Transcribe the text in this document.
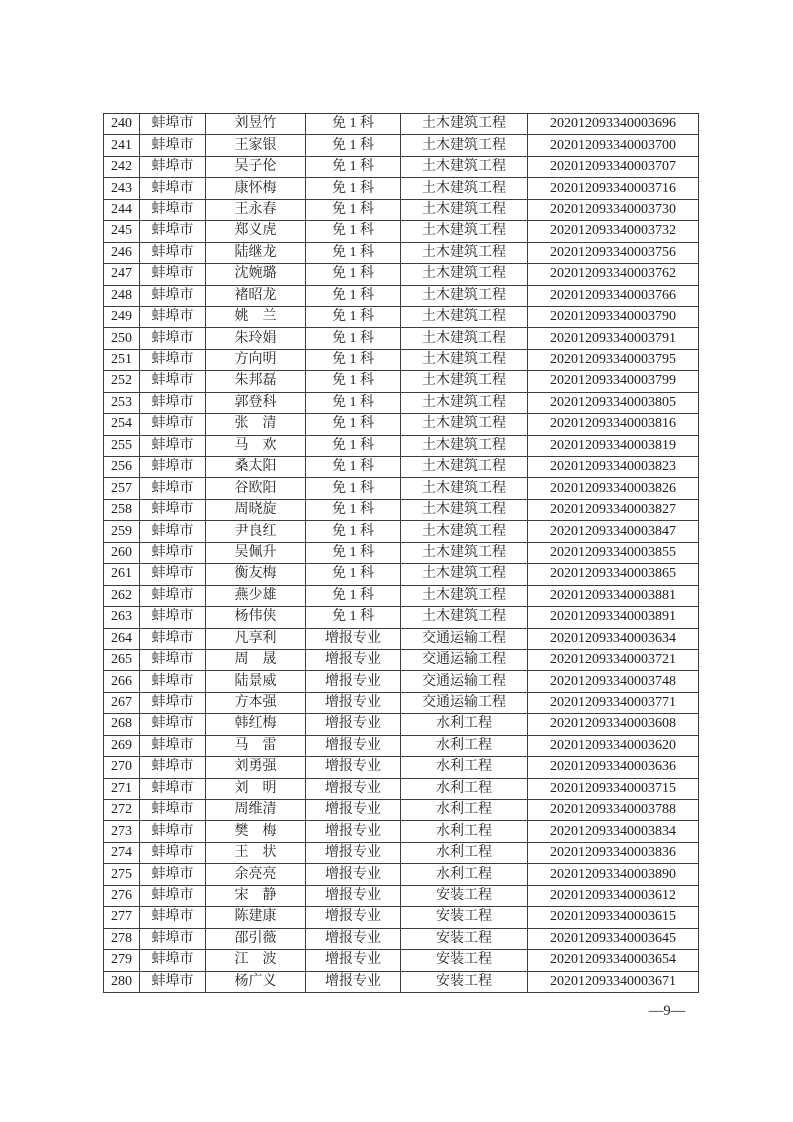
240	蚌埠市	刘昱竹	免 1 科	土木建筑工程	202012093340003696
241	蚌埠市	王家银	免 1 科	土木建筑工程	202012093340003700
242	蚌埠市	吴子伦	免 1 科	土木建筑工程	202012093340003707
243	蚌埠市	康怀梅	免 1 科	土木建筑工程	202012093340003716
244	蚌埠市	王永春	免 1 科	土木建筑工程	202012093340003730
245	蚌埠市	郑义虎	免 1 科	土木建筑工程	202012093340003732
246	蚌埠市	陆继龙	免 1 科	土木建筑工程	202012093340003756
247	蚌埠市	沈婉璐	免 1 科	土木建筑工程	202012093340003762
248	蚌埠市	褚昭龙	免 1 科	土木建筑工程	202012093340003766
249	蚌埠市	姚　兰	免 1 科	土木建筑工程	202012093340003790
250	蚌埠市	朱玲娟	免 1 科	土木建筑工程	202012093340003791
251	蚌埠市	方向明	免 1 科	土木建筑工程	202012093340003795
252	蚌埠市	朱邦磊	免 1 科	土木建筑工程	202012093340003799
253	蚌埠市	郭登科	免 1 科	土木建筑工程	202012093340003805
254	蚌埠市	张　清	免 1 科	土木建筑工程	202012093340003816
255	蚌埠市	马　欢	免 1 科	土木建筑工程	202012093340003819
256	蚌埠市	桑太阳	免 1 科	土木建筑工程	202012093340003823
257	蚌埠市	谷欧阳	免 1 科	土木建筑工程	202012093340003826
258	蚌埠市	周晓旋	免 1 科	土木建筑工程	202012093340003827
259	蚌埠市	尹良红	免 1 科	土木建筑工程	202012093340003847
260	蚌埠市	吴佩升	免 1 科	土木建筑工程	202012093340003855
261	蚌埠市	衡友梅	免 1 科	土木建筑工程	202012093340003865
262	蚌埠市	燕少雄	免 1 科	土木建筑工程	202012093340003881
263	蚌埠市	杨伟侠	免 1 科	土木建筑工程	202012093340003891
264	蚌埠市	凡享利	增报专业	交通运输工程	202012093340003634
265	蚌埠市	周　晟	增报专业	交通运输工程	202012093340003721
266	蚌埠市	陆景威	增报专业	交通运输工程	202012093340003748
267	蚌埠市	方本强	增报专业	交通运输工程	202012093340003771
268	蚌埠市	韩红梅	增报专业	水利工程	202012093340003608
269	蚌埠市	马　雷	增报专业	水利工程	202012093340003620
270	蚌埠市	刘勇强	增报专业	水利工程	202012093340003636
271	蚌埠市	刘　明	增报专业	水利工程	202012093340003715
272	蚌埠市	周维清	增报专业	水利工程	202012093340003788
273	蚌埠市	樊　梅	增报专业	水利工程	202012093340003834
274	蚌埠市	王　状	增报专业	水利工程	202012093340003836
275	蚌埠市	余亮亮	增报专业	水利工程	202012093340003890
276	蚌埠市	宋　静	增报专业	安装工程	202012093340003612
277	蚌埠市	陈建康	增报专业	安装工程	202012093340003615
278	蚌埠市	邵引薇	增报专业	安装工程	202012093340003645
279	蚌埠市	江　波	增报专业	安装工程	202012093340003654
280	蚌埠市	杨广义	增报专业	安装工程	202012093340003671
—9—
